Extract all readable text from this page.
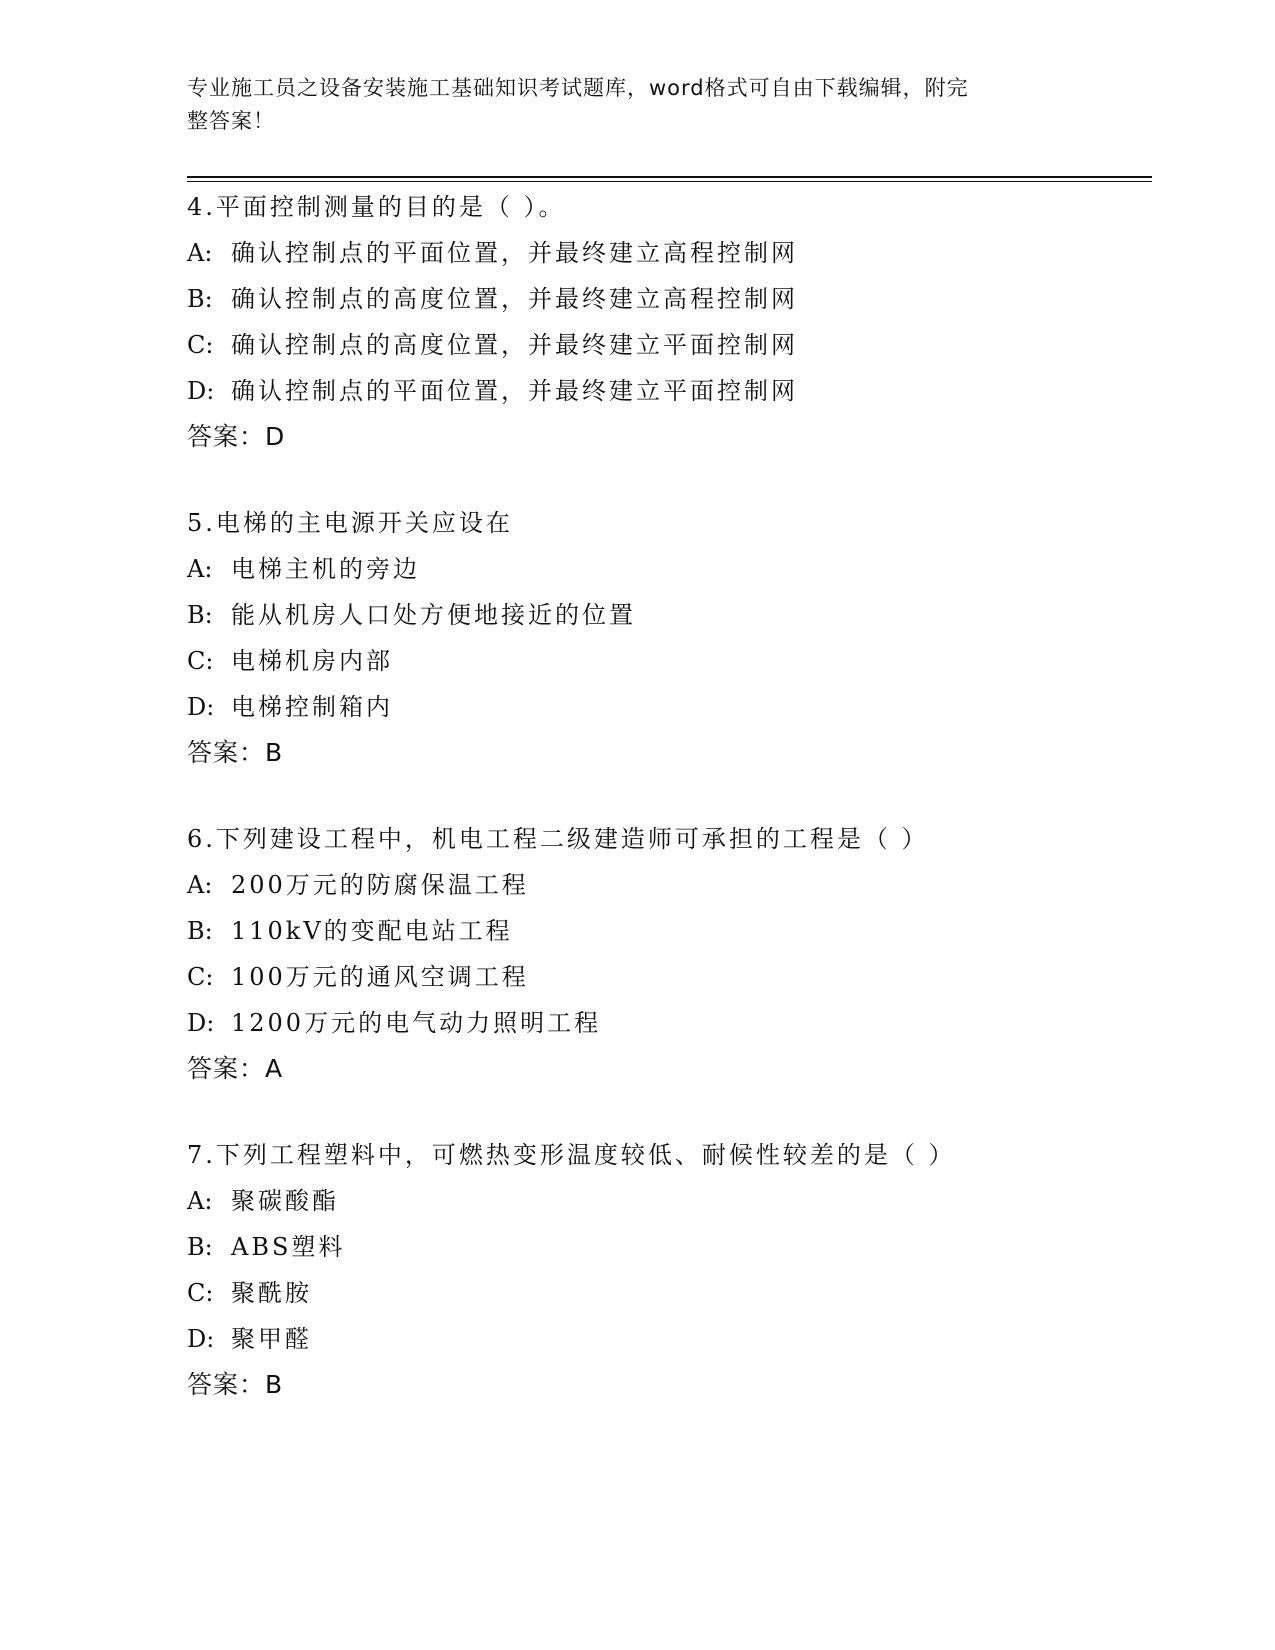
专业施工员之设备安装施工基础知识考试题库，word格式可自由下载编辑，附完
整答案！
4.平面控制测量的目的是（ ）。
A: 确认控制点的平面位置，并最终建立高程控制网
B: 确认控制点的高度位置，并最终建立高程控制网
C: 确认控制点的高度位置，并最终建立平面控制网
D: 确认控制点的平面位置，并最终建立平面控制网
答案：D
5.电梯的主电源开关应设在
A: 电梯主机的旁边
B: 能从机房人口处方便地接近的位置
C: 电梯机房内部
D: 电梯控制箱内
答案：B
6.下列建设工程中，机电工程二级建造师可承担的工程是（ ）
A: 200万元的防腐保温工程
B: 110kV的变配电站工程
C: 100万元的通风空调工程
D: 1200万元的电气动力照明工程
答案：A
7.下列工程塑料中，可燃热变形温度较低、耐候性较差的是（ ）
A: 聚碳酸酯
B: ABS塑料
C: 聚酰胺
D: 聚甲醛
答案：B
